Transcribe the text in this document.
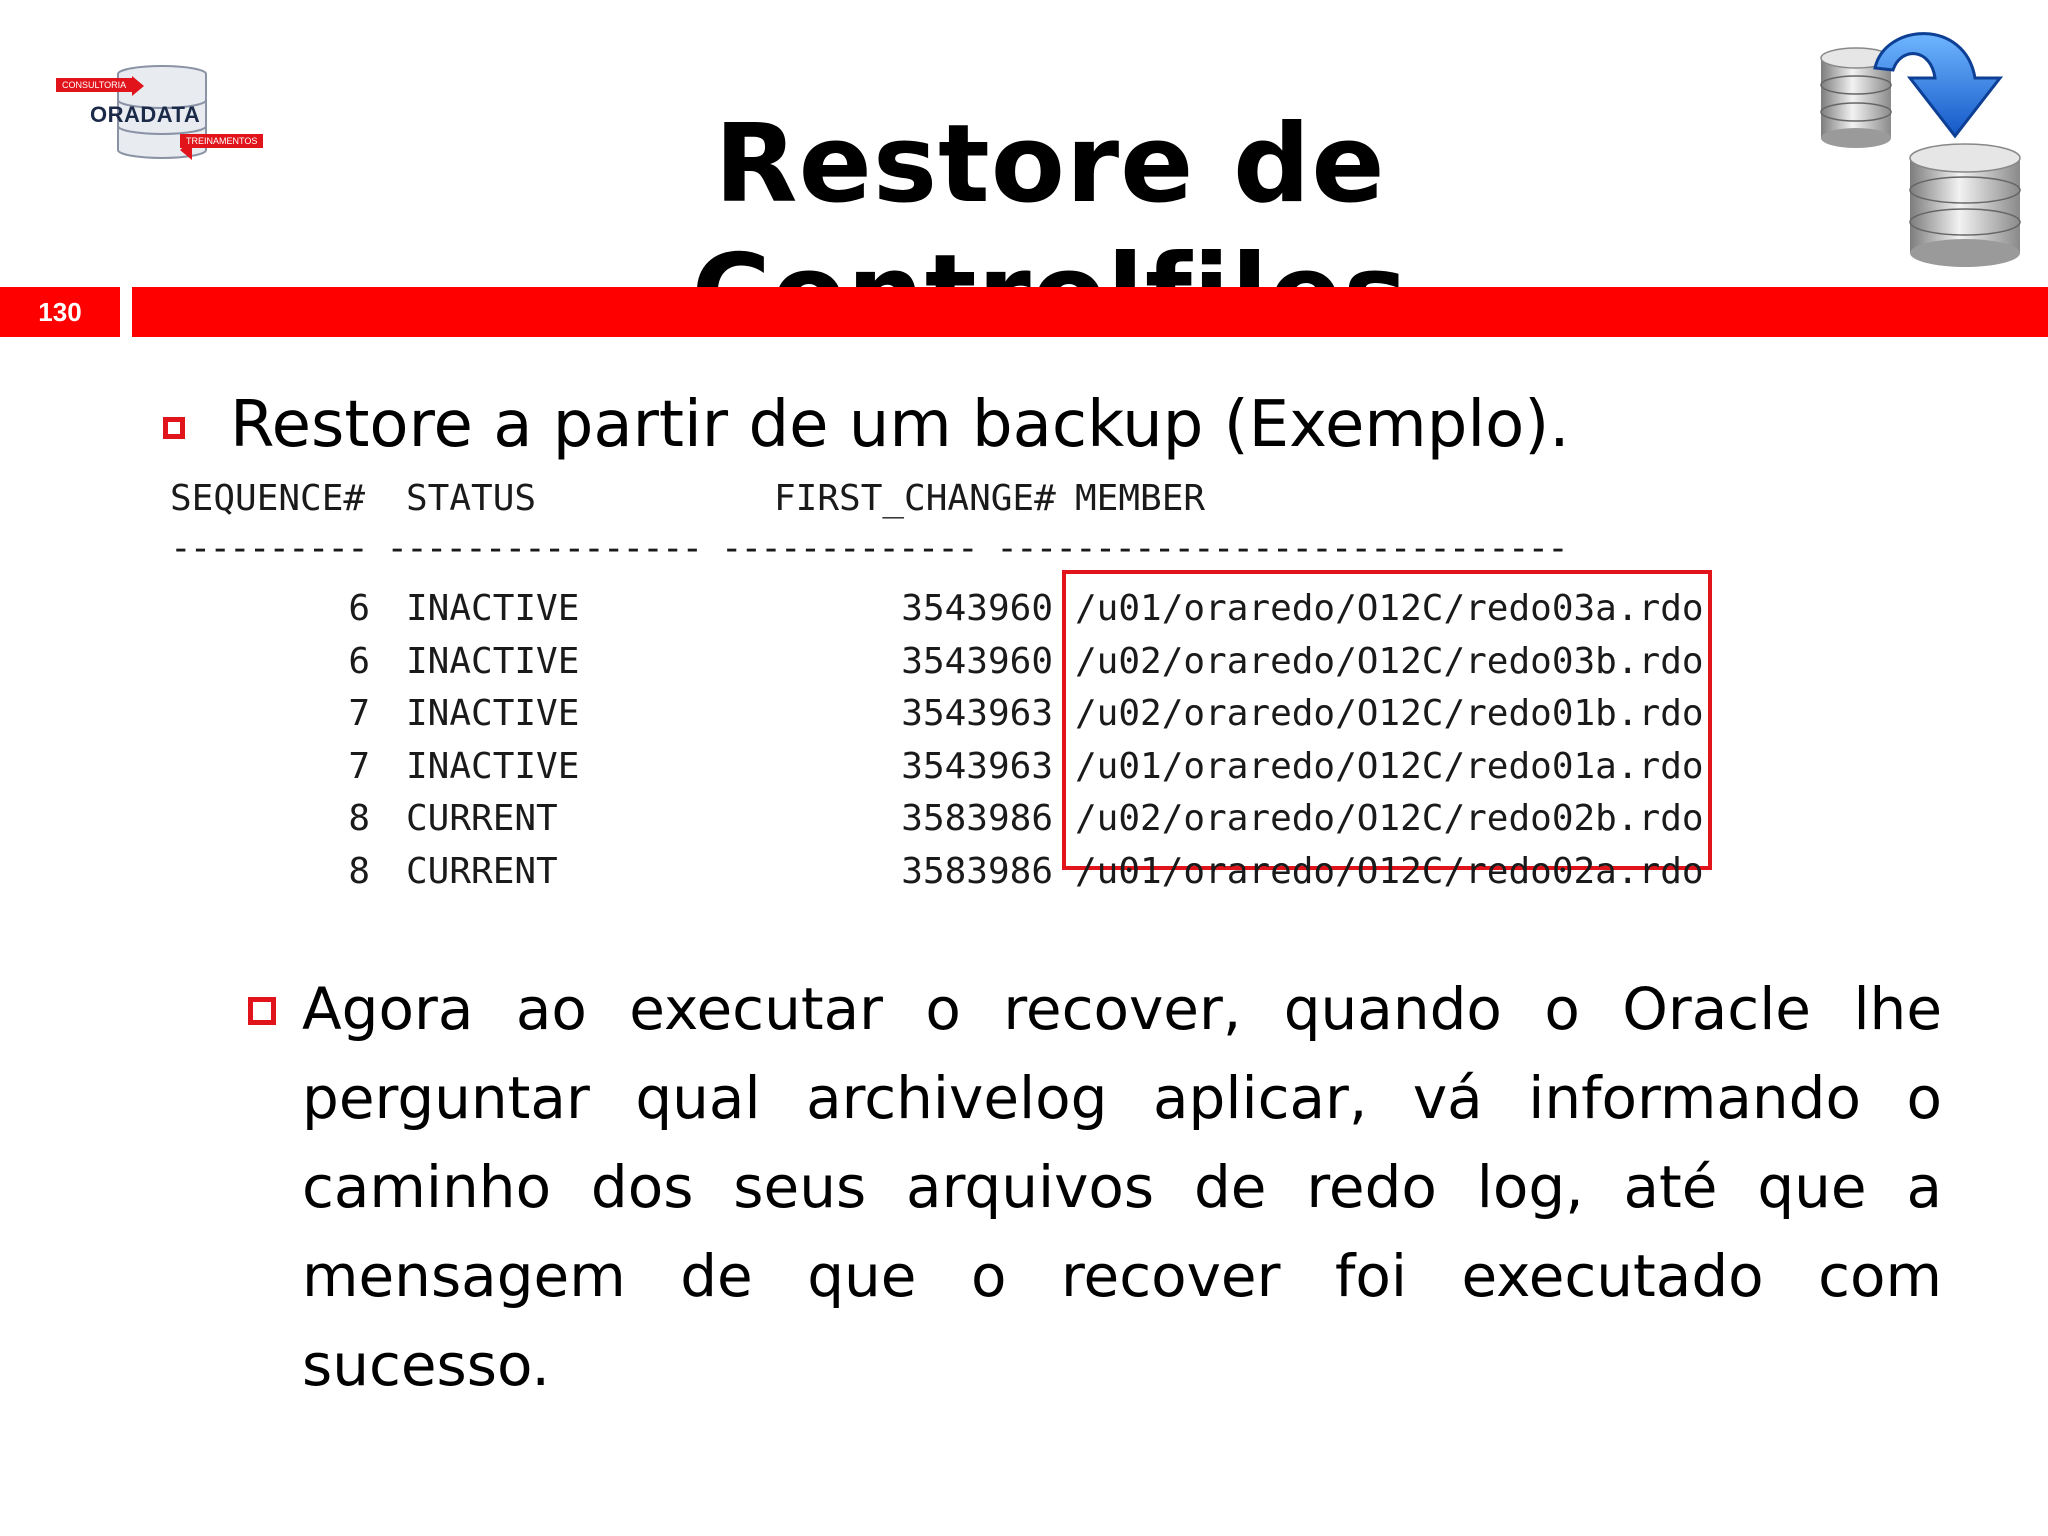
CONSULTORIA
ORADATA
TREINAMENTOS	Restore de
130

Restore a partir de um backup (Exemplo).

SEQUENCE# STATUS	FIRST_CHANGE# MEMBER
---------- ---------------- ------------- -----------------------------
6 INACTIVE	3543960 /u01/oraredo/O12C/redo03a.rdo
6 INACTIVE	3543960 /u02/oraredo/O12C/redo03b.rdo
7 INACTIVE	3543963 /u02/oraredo/O12C/redo01b.rdo
7 INACTIVE	3543963 /u01/oraredo/O12C/redo01a.rdo
8 CURRENT	3583986 /u02/oraredo/O12C/redo02b.rdo
8 CURRENT	3583986 /u01/oraredo/O12C/redo02a.rdo

Agora ao executar o recover, quando o Oracle lhe perguntar qual archivelog aplicar, vá informando o caminho dos seus arquivos de redo log, até que a mensagem de que o recover foi executado com sucesso.
